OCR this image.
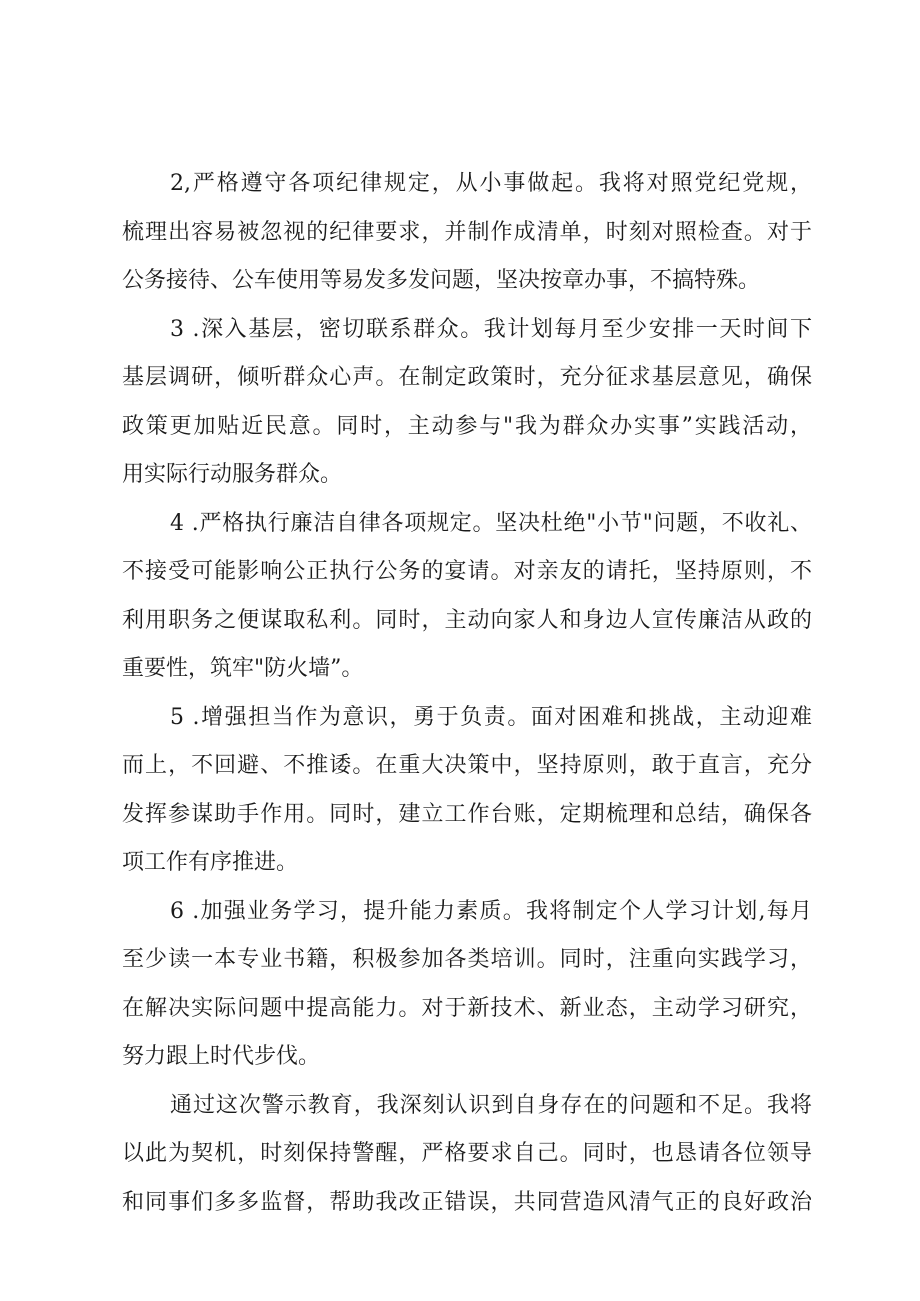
2,严格遵守各项纪律规定，从小事做起。我将对照党纪党规，
梳理出容易被忽视的纪律要求，并制作成清单，时刻对照检查。对于
公务接待、公车使用等易发多发问题，坚决按章办事，不搞特殊。
3 .深入基层，密切联系群众。我计划每月至少安排一天时间下
基层调研，倾听群众心声。在制定政策时，充分征求基层意见，确保
政策更加贴近民意。同时，主动参与"我为群众办实事”实践活动，
用实际行动服务群众。
4 .严格执行廉洁自律各项规定。坚决杜绝"小节"问题，不收礼、
不接受可能影响公正执行公务的宴请。对亲友的请托，坚持原则，不
利用职务之便谋取私利。同时，主动向家人和身边人宣传廉洁从政的
重要性，筑牢"防火墙”。
5 .增强担当作为意识，勇于负责。面对困难和挑战，主动迎难
而上，不回避、不推诿。在重大决策中，坚持原则，敢于直言，充分
发挥参谋助手作用。同时，建立工作台账，定期梳理和总结，确保各
项工作有序推进。
6 .加强业务学习，提升能力素质。我将制定个人学习计划,每月
至少读一本专业书籍，积极参加各类培训。同时，注重向实践学习，
在解决实际问题中提高能力。对于新技术、新业态，主动学习研究，
努力跟上时代步伐。
通过这次警示教育，我深刻认识到自身存在的问题和不足。我将
以此为契机，时刻保持警醒，严格要求自己。同时，也恳请各位领导
和同事们多多监督，帮助我改正错误，共同营造风清气正的良好政治
